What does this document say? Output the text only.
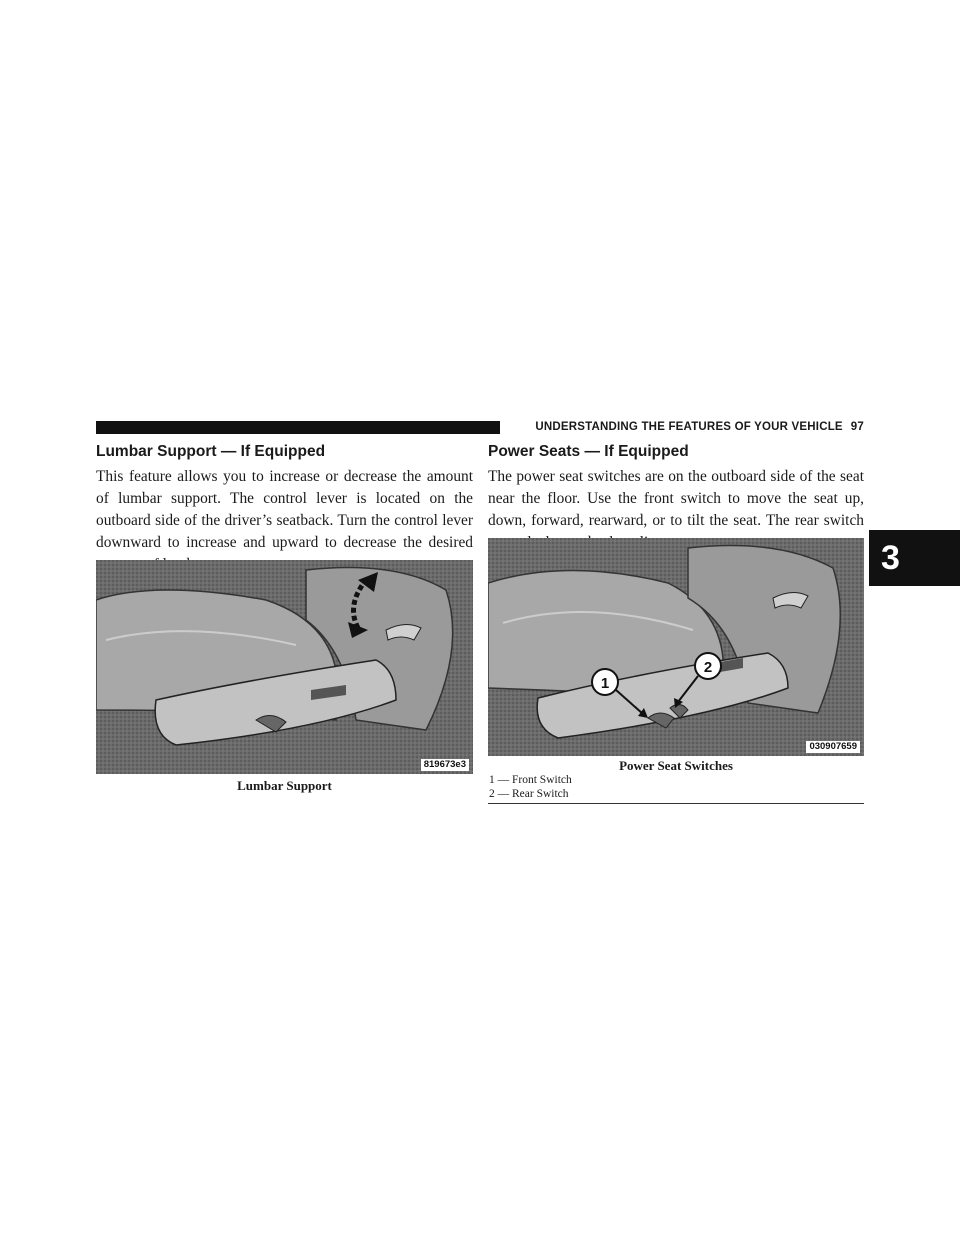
UNDERSTANDING THE FEATURES OF YOUR VEHICLE 97
3
Lumbar Support — If Equipped

This feature allows you to increase or decrease the amount of lumbar support. The control lever is located on the outboard side of the driver’s seatback. Turn the control lever downward to increase and upward to decrease the desired

819673e3
Lumbar Support
Power Seats — If Equipped

The power seat switches are on the outboard side of the seat near the floor. Use the front switch to move the seat up, down, forward, rearward, or to tilt the seat. The rear switch

1
2
030907659
Power Seat Switches
1 — Front Switch
2 — Rear Switch
